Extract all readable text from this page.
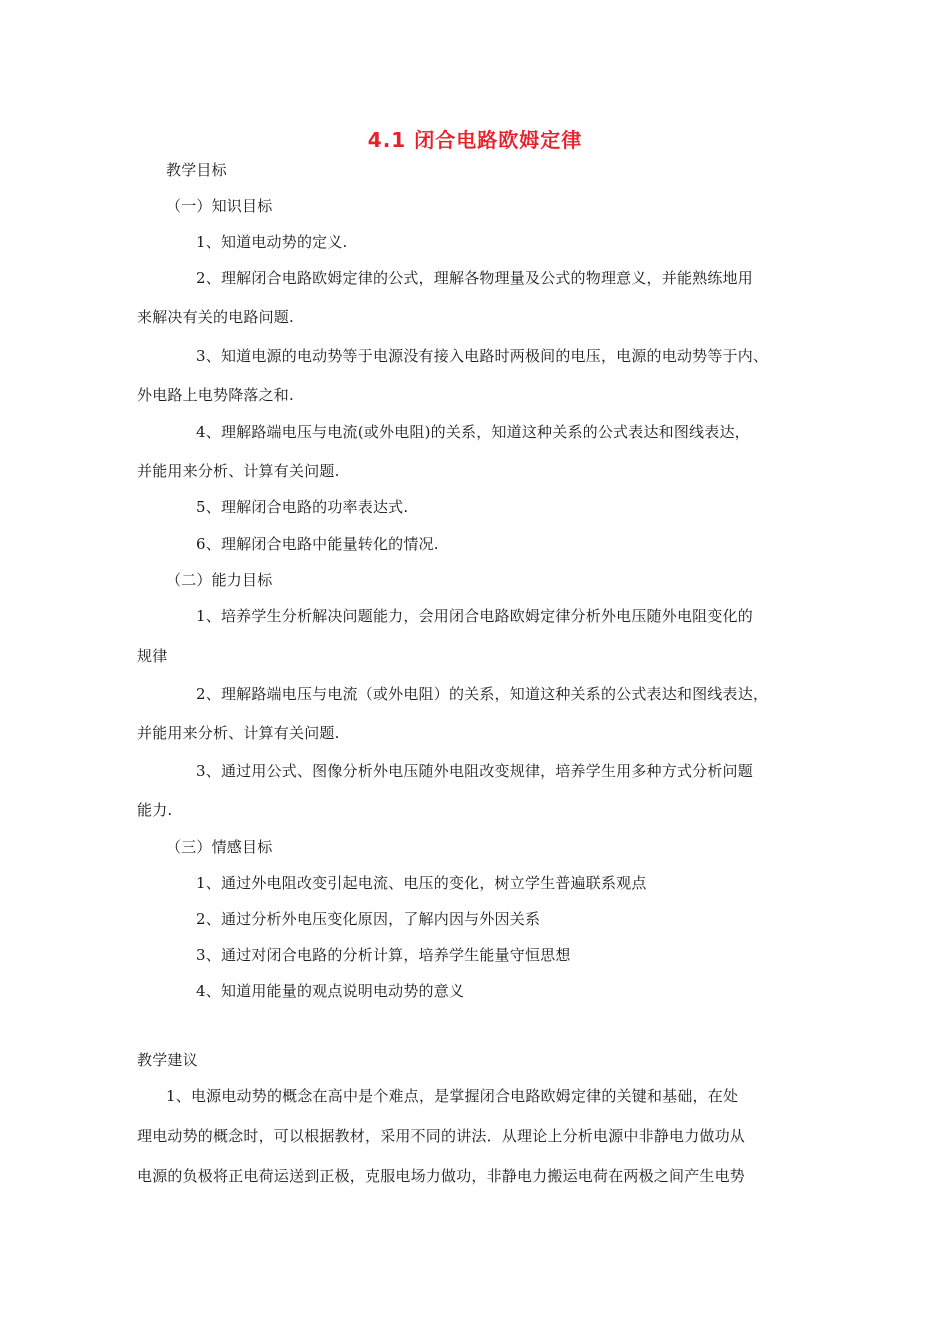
4.1 闭合电路欧姆定律
教学目标
（一）知识目标
1、知道电动势的定义.
2、理解闭合电路欧姆定律的公式，理解各物理量及公式的物理意义，并能熟练地用
来解决有关的电路问题.
3、知道电源的电动势等于电源没有接入电路时两极间的电压，电源的电动势等于内、
外电路上电势降落之和.
4、理解路端电压与电流(或外电阻)的关系，知道这种关系的公式表达和图线表达，
并能用来分析、计算有关问题.
5、理解闭合电路的功率表达式.
6、理解闭合电路中能量转化的情况.
（二）能力目标
1、培养学生分析解决问题能力，会用闭合电路欧姆定律分析外电压随外电阻变化的
规律
2、理解路端电压与电流（或外电阻）的关系，知道这种关系的公式表达和图线表达，
并能用来分析、计算有关问题.
3、通过用公式、图像分析外电压随外电阻改变规律，培养学生用多种方式分析问题
能力.
（三）情感目标
1、通过外电阻改变引起电流、电压的变化，树立学生普遍联系观点
2、通过分析外电压变化原因，了解内因与外因关系
3、通过对闭合电路的分析计算，培养学生能量守恒思想
4、知道用能量的观点说明电动势的意义
教学建议
1、电源电动势的概念在高中是个难点，是掌握闭合电路欧姆定律的关键和基础，在处
理电动势的概念时，可以根据教材，采用不同的讲法．从理论上分析电源中非静电力做功从
电源的负极将正电荷运送到正极，克服电场力做功，非静电力搬运电荷在两极之间产生电势
